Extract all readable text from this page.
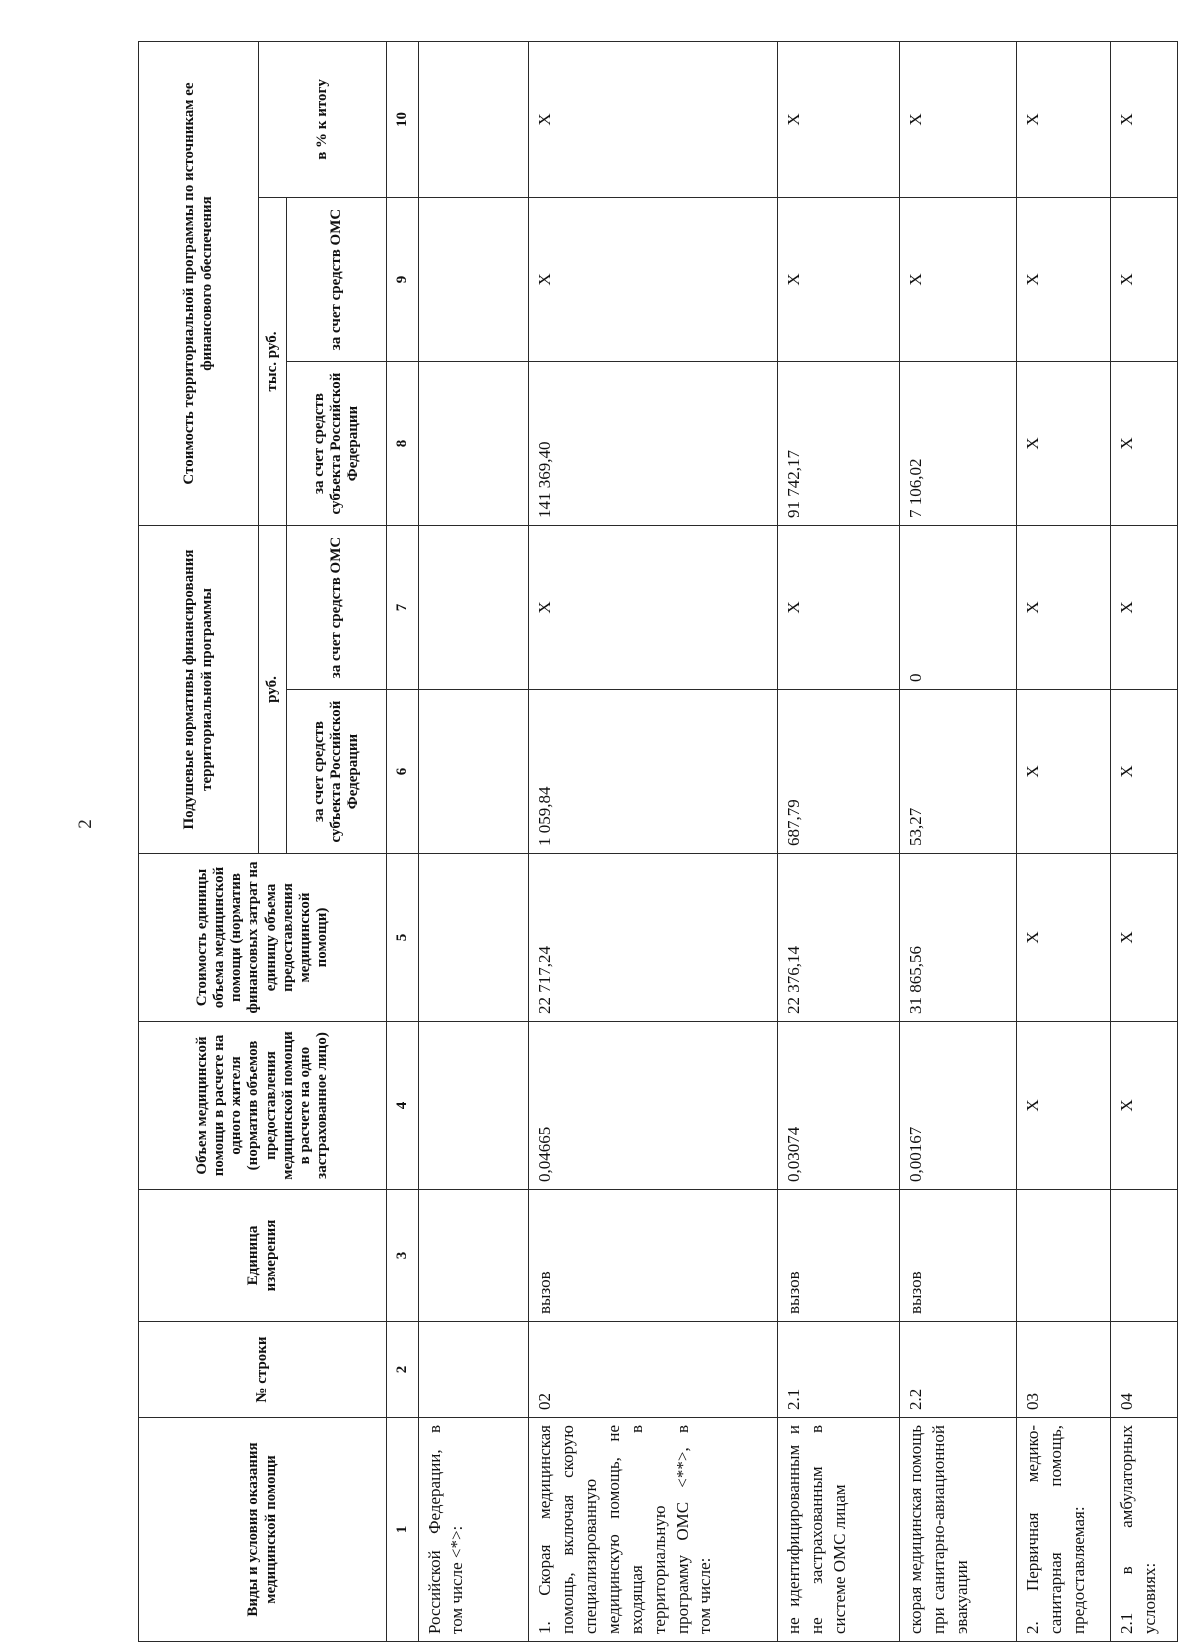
2
Виды и условия оказания медицинской помощи	№ строки	Единица измерения	Объем медицинской помощи в расчете на одного жителя (норматив объемов предоставления медицинской помощи в расчете на одно застрахованное лицо)	Стоимость единицы объема медицинской помощи (норматив финансовых затрат на единицу объема предоставления медицинской помощи)	Подушевые нормативы финансирования территориальной программы		Стоимость территориальной программы по источникам ее финансового обеспечения		
					руб.		тыс. руб.		в % к итогу
					за счет средств субъекта Российской Федерации	за счет средств ОМС	за счет средств субъекта Российской Федерации	за счет средств ОМС	
1	2	3	4	5	6	7	8	9	10
Российской Федерации, в том числе <*>:									
1. Скорая медицинская помощь, включая скорую специализированную медицинскую помощь, не входящая в территориальную программу ОМС <**>, в том числе:	02	вызов	0,04665	22 717,24	1 059,84	Х	141 369,40	Х	Х
не идентифицированным и не застрахованным в системе ОМС лицам	2.1	вызов	0,03074	22 376,14	687,79	Х	91 742,17	Х	Х
скорая медицинская помощь при санитарно-авиационной эвакуации	2.2	вызов	0,00167	31 865,56	53,27	0	7 106,02	Х	Х
2. Первичная медико-санитарная помощь, предоставляемая:	03		Х	Х	Х	Х	Х	Х	Х
2.1 в амбулаторных условиях:	04		Х	Х	Х	Х	Х	Х	Х
